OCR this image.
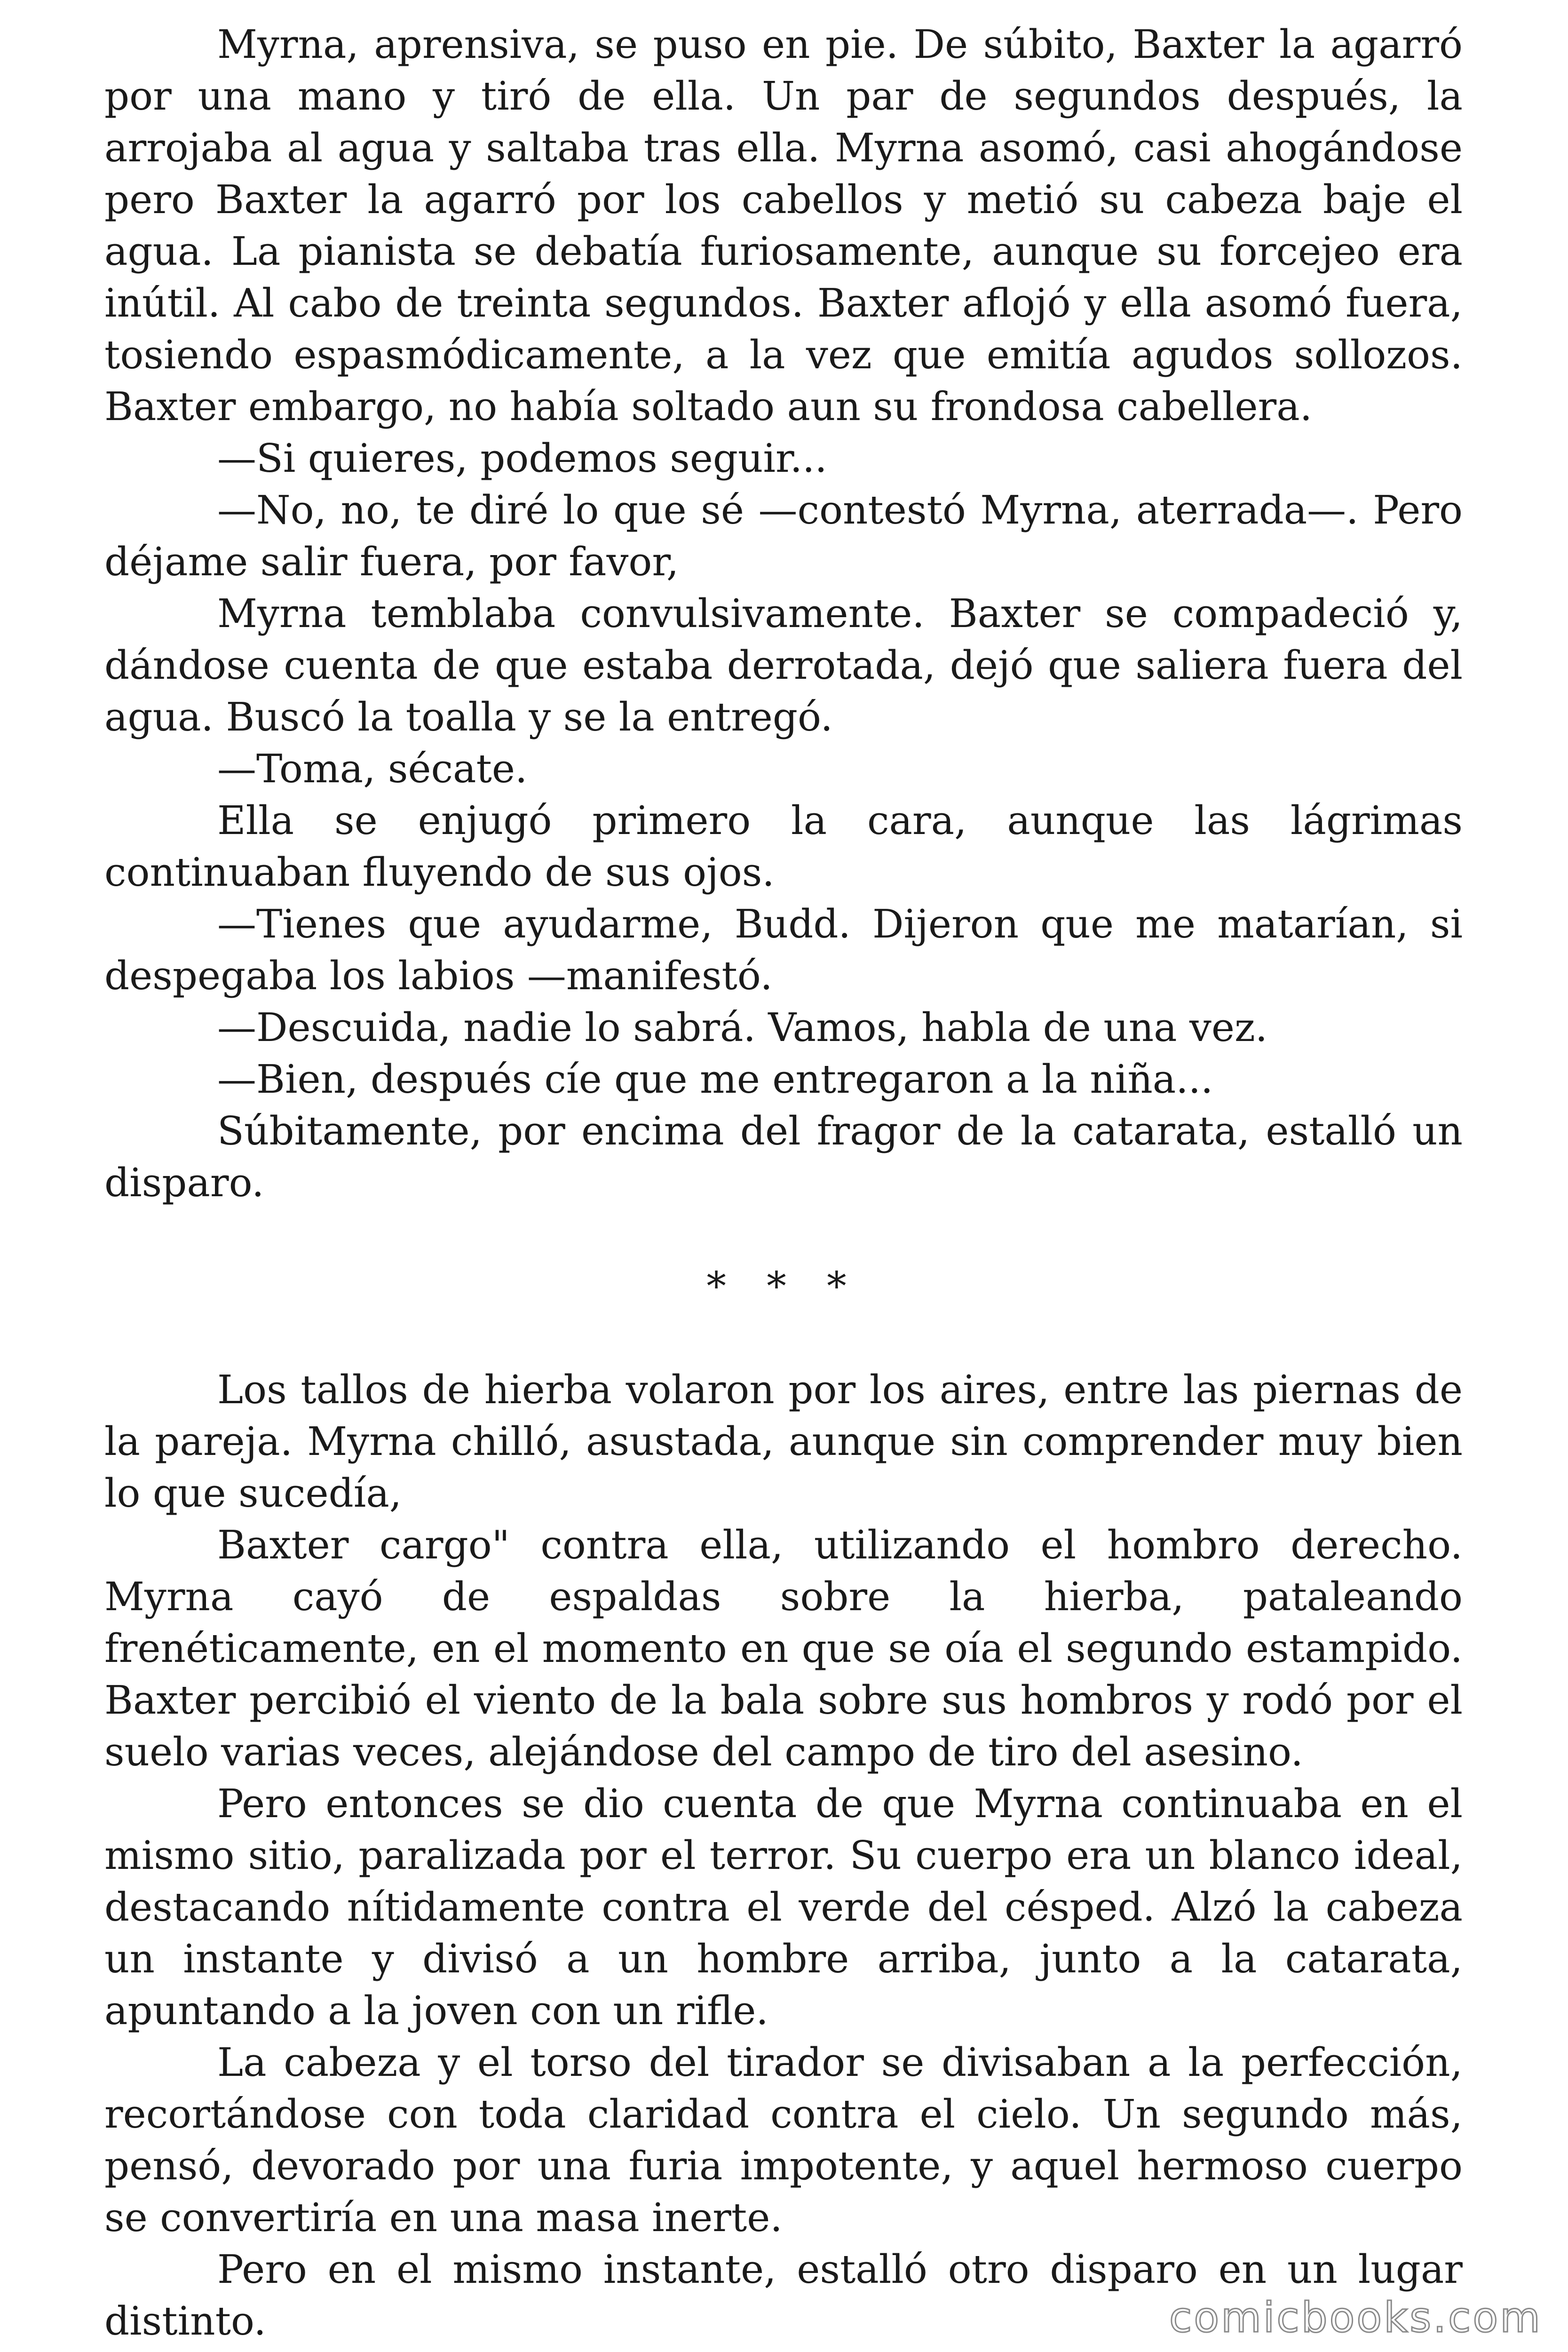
Myrna, aprensiva, se puso en pie. De súbito, Baxter la agarró por una mano y tiró de ella. Un par de segundos después, la arrojaba al agua y saltaba tras ella. Myrna asomó, casi ahogándose pero Baxter la agarró por los cabellos y metió su cabeza baje el agua. La pianista se debatía furiosamente, aunque su forcejeo era inútil. Al cabo de treinta segundos. Baxter aflojó y ella asomó fuera, tosiendo espasmódicamente, a la vez que emitía agudos sollozos. Baxter embargo, no había soltado aun su frondosa cabellera.

—Si quieres, podemos seguir...

—No, no, te diré lo que sé —contestó Myrna, aterrada—. Pero déjame salir fuera, por favor,

Myrna temblaba convulsivamente. Baxter se compadeció y, dándose cuenta de que estaba derrotada, dejó que saliera fuera del agua. Buscó la toalla y se la entregó.

—Toma, sécate.

Ella se enjugó primero la cara, aunque las lágrimas continuaban fluyendo de sus ojos.

—Tienes que ayudarme, Budd. Dijeron que me matarían, si despegaba los labios —manifestó.

—Descuida, nadie lo sabrá. Vamos, habla de una vez.

—Bien, después cíe que me entregaron a la niña...

Súbitamente, por encima del fragor de la catarata, estalló un disparo.

* * *

Los tallos de hierba volaron por los aires, entre las piernas de la pareja. Myrna chilló, asustada, aunque sin comprender muy bien lo que sucedía,

Baxter cargo" contra ella, utilizando el hombro derecho. Myrna cayó de espaldas sobre la hierba, pataleando frenéticamente, en el momento en que se oía el segundo estampido. Baxter percibió el viento de la bala sobre sus hombros y rodó por el suelo varias veces, alejándose del campo de tiro del asesino.

Pero entonces se dio cuenta de que Myrna continuaba en el mismo sitio, paralizada por el terror. Su cuerpo era un blanco ideal, destacando nítidamente contra el verde del césped. Alzó la cabeza un instante y divisó a un hombre arriba, junto a la catarata, apuntando a la joven con un rifle.

La cabeza y el torso del tirador se divisaban a la perfección, recortándose con toda claridad contra el cielo. Un segundo más, pensó, devorado por una furia impotente, y aquel hermoso cuerpo se convertiría en una masa inerte.

Pero en el mismo instante, estalló otro disparo en un lugar distinto.	comicbooks.com
